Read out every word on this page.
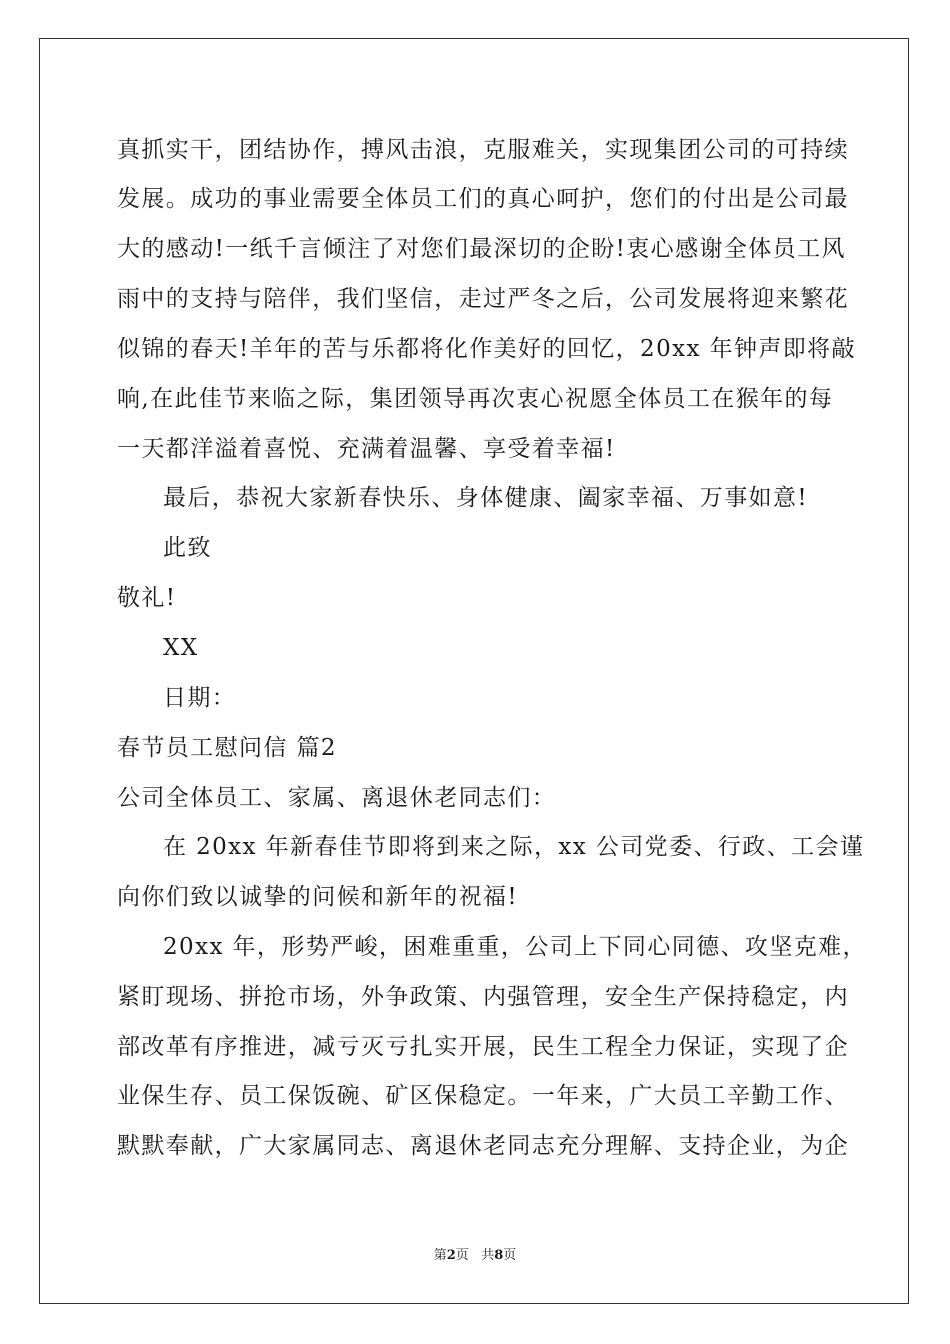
真抓实干，团结协作，搏风击浪，克服难关，实现集团公司的可持续
发展。成功的事业需要全体员工们的真心呵护，您们的付出是公司最
大的感动!一纸千言倾注了对您们最深切的企盼!衷心感谢全体员工风
雨中的支持与陪伴，我们坚信，走过严冬之后，公司发展将迎来繁花
似锦的春天!羊年的苦与乐都将化作美好的回忆，20xx 年钟声即将敲
响,在此佳节来临之际，集团领导再次衷心祝愿全体员工在猴年的每
一天都洋溢着喜悦、充满着温馨、享受着幸福!
最后，恭祝大家新春快乐、身体健康、阖家幸福、万事如意!
此致
敬礼!
XX
日期：
春节员工慰问信 篇2
公司全体员工、家属、离退休老同志们：
在 20xx 年新春佳节即将到来之际，xx 公司党委、行政、工会谨
向你们致以诚挚的问候和新年的祝福!
20xx 年，形势严峻，困难重重，公司上下同心同德、攻坚克难，
紧盯现场、拼抢市场，外争政策、内强管理，安全生产保持稳定，内
部改革有序推进，减亏灭亏扎实开展，民生工程全力保证，实现了企
业保生存、员工保饭碗、矿区保稳定。一年来，广大员工辛勤工作、
默默奉献，广大家属同志、离退休老同志充分理解、支持企业，为企
第2页 共8页
